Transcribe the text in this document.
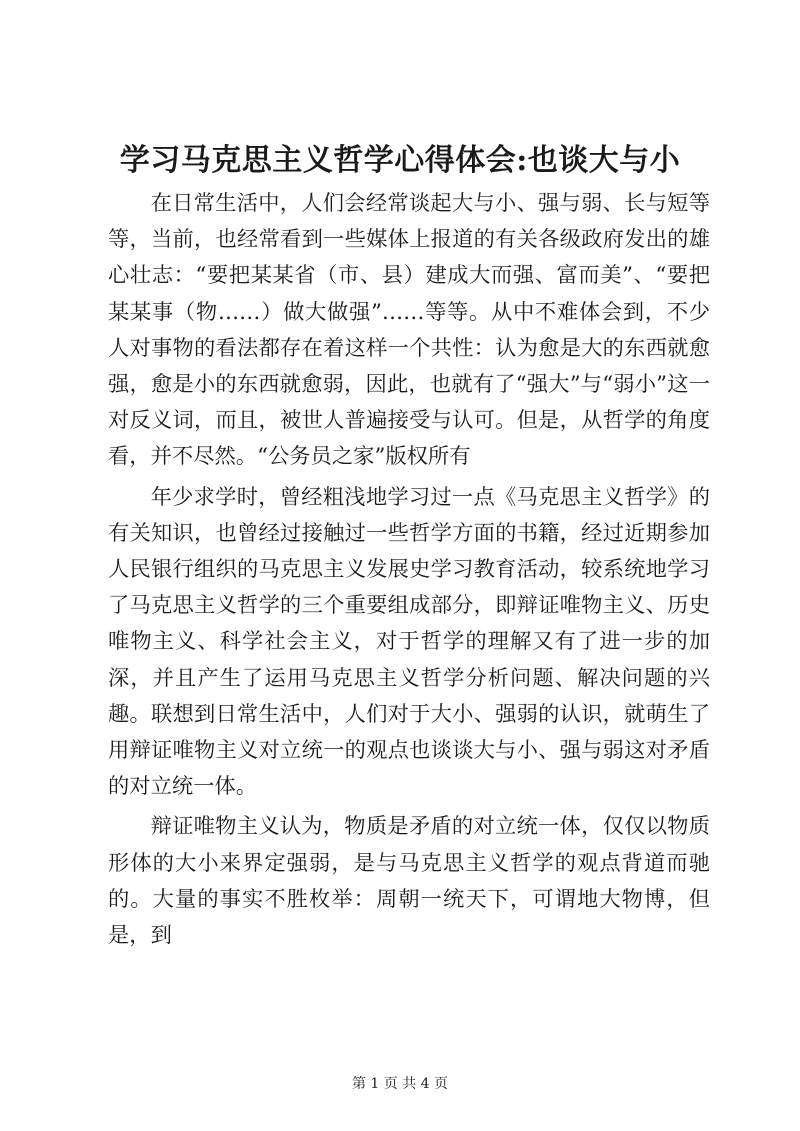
学习马克思主义哲学心得体会:也谈大与小

在日常生活中，人们会经常谈起大与小、强与弱、长与短等等，当前，也经常看到一些媒体上报道的有关各级政府发出的雄心壮志：“要把某某省（市、县）建成大而强、富而美”、“要把某某事（物……）做大做强”……等等。从中不难体会到，不少人对事物的看法都存在着这样一个共性：认为愈是大的东西就愈强，愈是小的东西就愈弱，因此，也就有了“强大”与“弱小”这一对反义词，而且，被世人普遍接受与认可。但是，从哲学的角度看，并不尽然。“公务员之家”版权所有

年少求学时，曾经粗浅地学习过一点《马克思主义哲学》的有关知识，也曾经过接触过一些哲学方面的书籍，经过近期参加人民银行组织的马克思主义发展史学习教育活动，较系统地学习了马克思主义哲学的三个重要组成部分，即辩证唯物主义、历史唯物主义、科学社会主义，对于哲学的理解又有了进一步的加深，并且产生了运用马克思主义哲学分析问题、解决问题的兴趣。联想到日常生活中，人们对于大小、强弱的认识，就萌生了用辩证唯物主义对立统一的观点也谈谈大与小、强与弱这对矛盾的对立统一体。

辩证唯物主义认为，物质是矛盾的对立统一体，仅仅以物质形体的大小来界定强弱，是与马克思主义哲学的观点背道而驰的。大量的事实不胜枚举：周朝一统天下，可谓地大物博，但是，到

第 1 页 共 4 页
